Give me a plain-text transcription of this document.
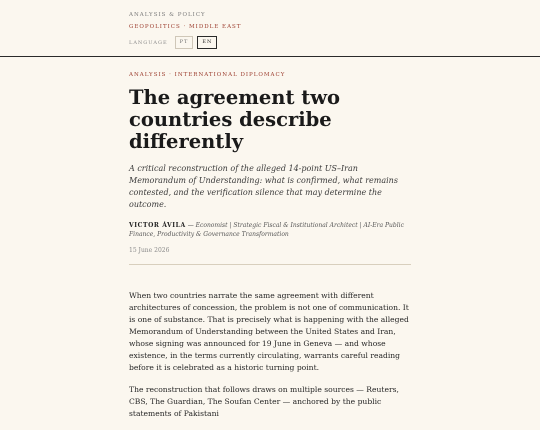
ANALYSIS & POLICY
GEOPOLITICS · MIDDLE EAST
LANGUAGE	PT	EN
ANALYSIS · INTERNATIONAL DIPLOMACY
The agreement two countries describe differently
A critical reconstruction of the alleged 14-point US–Iran Memorandum of Understanding: what is confirmed, what remains contested, and the verification silence that may determine the outcome.
VICTOR ÁVILA — Economist | Strategic Fiscal & Institutional Architect | AI-Era Public Finance, Productivity & Governance Transformation
15 June 2026

When two countries narrate the same agreement with different architectures of concession, the problem is not one of communication. It is one of substance. That is precisely what is happening with the alleged Memorandum of Understanding between the United States and Iran, whose signing was announced for 19 June in Geneva — and whose existence, in the terms currently circulating, warrants careful reading before it is celebrated as a historic turning point.

The reconstruction that follows draws on multiple sources — Reuters, CBS, The Guardian, The Soufan Center — anchored by the public statements of Pakistani
